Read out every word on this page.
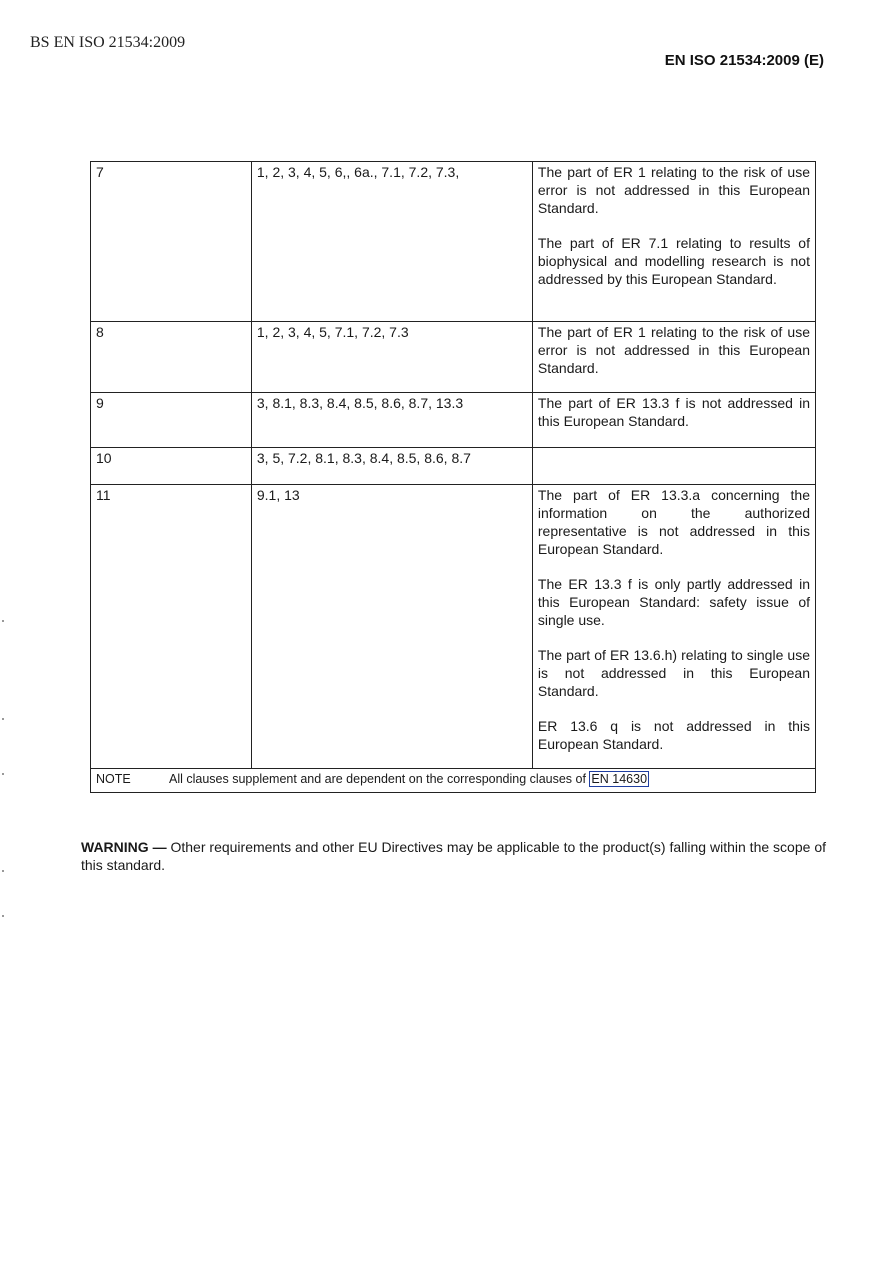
BS EN ISO 21534:2009
EN ISO 21534:2009 (E)
7	1, 2, 3, 4, 5, 6,, 6a., 7.1, 7.2, 7.3,	The part of ER 1 relating to the risk of use error is not addressed in this European Standard.

The part of ER 7.1 relating to results of biophysical and modelling research is not addressed by this European Standard.

8	1, 2, 3, 4, 5, 7.1, 7.2, 7.3	The part of ER 1 relating to the risk of use error is not addressed in this European Standard.

9	3, 8.1, 8.3, 8.4, 8.5, 8.6, 8.7, 13.3	The part of ER 13.3 f is not addressed in this European Standard.

10	3, 5, 7.2, 8.1, 8.3, 8.4, 8.5, 8.6, 8.7	
11	9.1, 13	The part of ER 13.3.a concerning the information on the authorized representative is not addressed in this European Standard.

The ER 13.3 f is only partly addressed in this European Standard: safety issue of single use.

The part of ER 13.6.h) relating to single use is not addressed in this European Standard.

ER 13.6 q is not addressed in this European Standard.

NOTE All clauses supplement and are dependent on the corresponding clauses of EN 14630		
WARNING — Other requirements and other EU Directives may be applicable to the product(s) falling within the scope of this standard.
